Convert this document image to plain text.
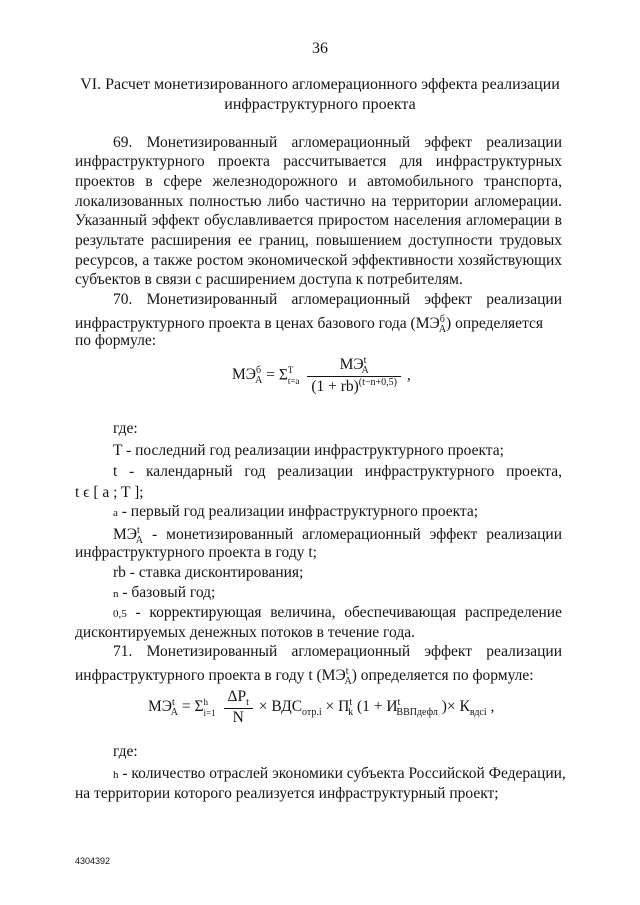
36
VI. Расчет монетизированного агломерационного эффекта реализации
инфраструктурного проекта
69. Монетизированный агломерационный эффект реализации
инфраструктурного проекта рассчитывается для инфраструктурных
проектов в сфере железнодорожного и автомобильного транспорта,
локализованных полностью либо частично на территории агломерации.
Указанный эффект обуславливается приростом населения агломерации в
результате расширения ее границ, повышением доступности трудовых
ресурсов, а также ростом экономической эффективности хозяйствующих
субъектов в связи с расширением доступа к потребителям.
70. Монетизированный агломерационный эффект реализации
инфраструктурного проекта в ценах базового года $(МЭ^б_А)$ определяется
по формуле:
$МЭ^б_А = \Sigma$ T
t=a
$\frac{МЭ^t_А}{(1 + rb)^{(t-n+0,5)}}$ ,
где:
T - последний год реализации инфраструктурного проекта;
t - календарный год реализации инфраструктурного проекта,
t ϵ [ a ; T ];
a - первый год реализации инфраструктурного проекта;
$МЭ^t_А$ - монетизированный агломерационный эффект реализации
инфраструктурного проекта в году t;
rb - ставка дисконтирования;
n - базовый год;
0,5 - корректирующая величина, обеспечивающая распределение
дисконтируемых денежных потоков в течение года.
71. Монетизированный агломерационный эффект реализации
инфраструктурного проекта в году t $(МЭ^t_А)$ определяется по формуле:
$МЭ^t_А = \Sigma$ h
i=1
$\frac{\Delta P_t}{N} \times ВДС_{отр.i} \times П^t_k$ ($1 + И^t_{ВВПдефл}$ )× $К_{вдсi}$ ,
где:
h - количество отраслей экономики субъекта Российской Федерации,
на территории которого реализуется инфраструктурный проект;
4304392
